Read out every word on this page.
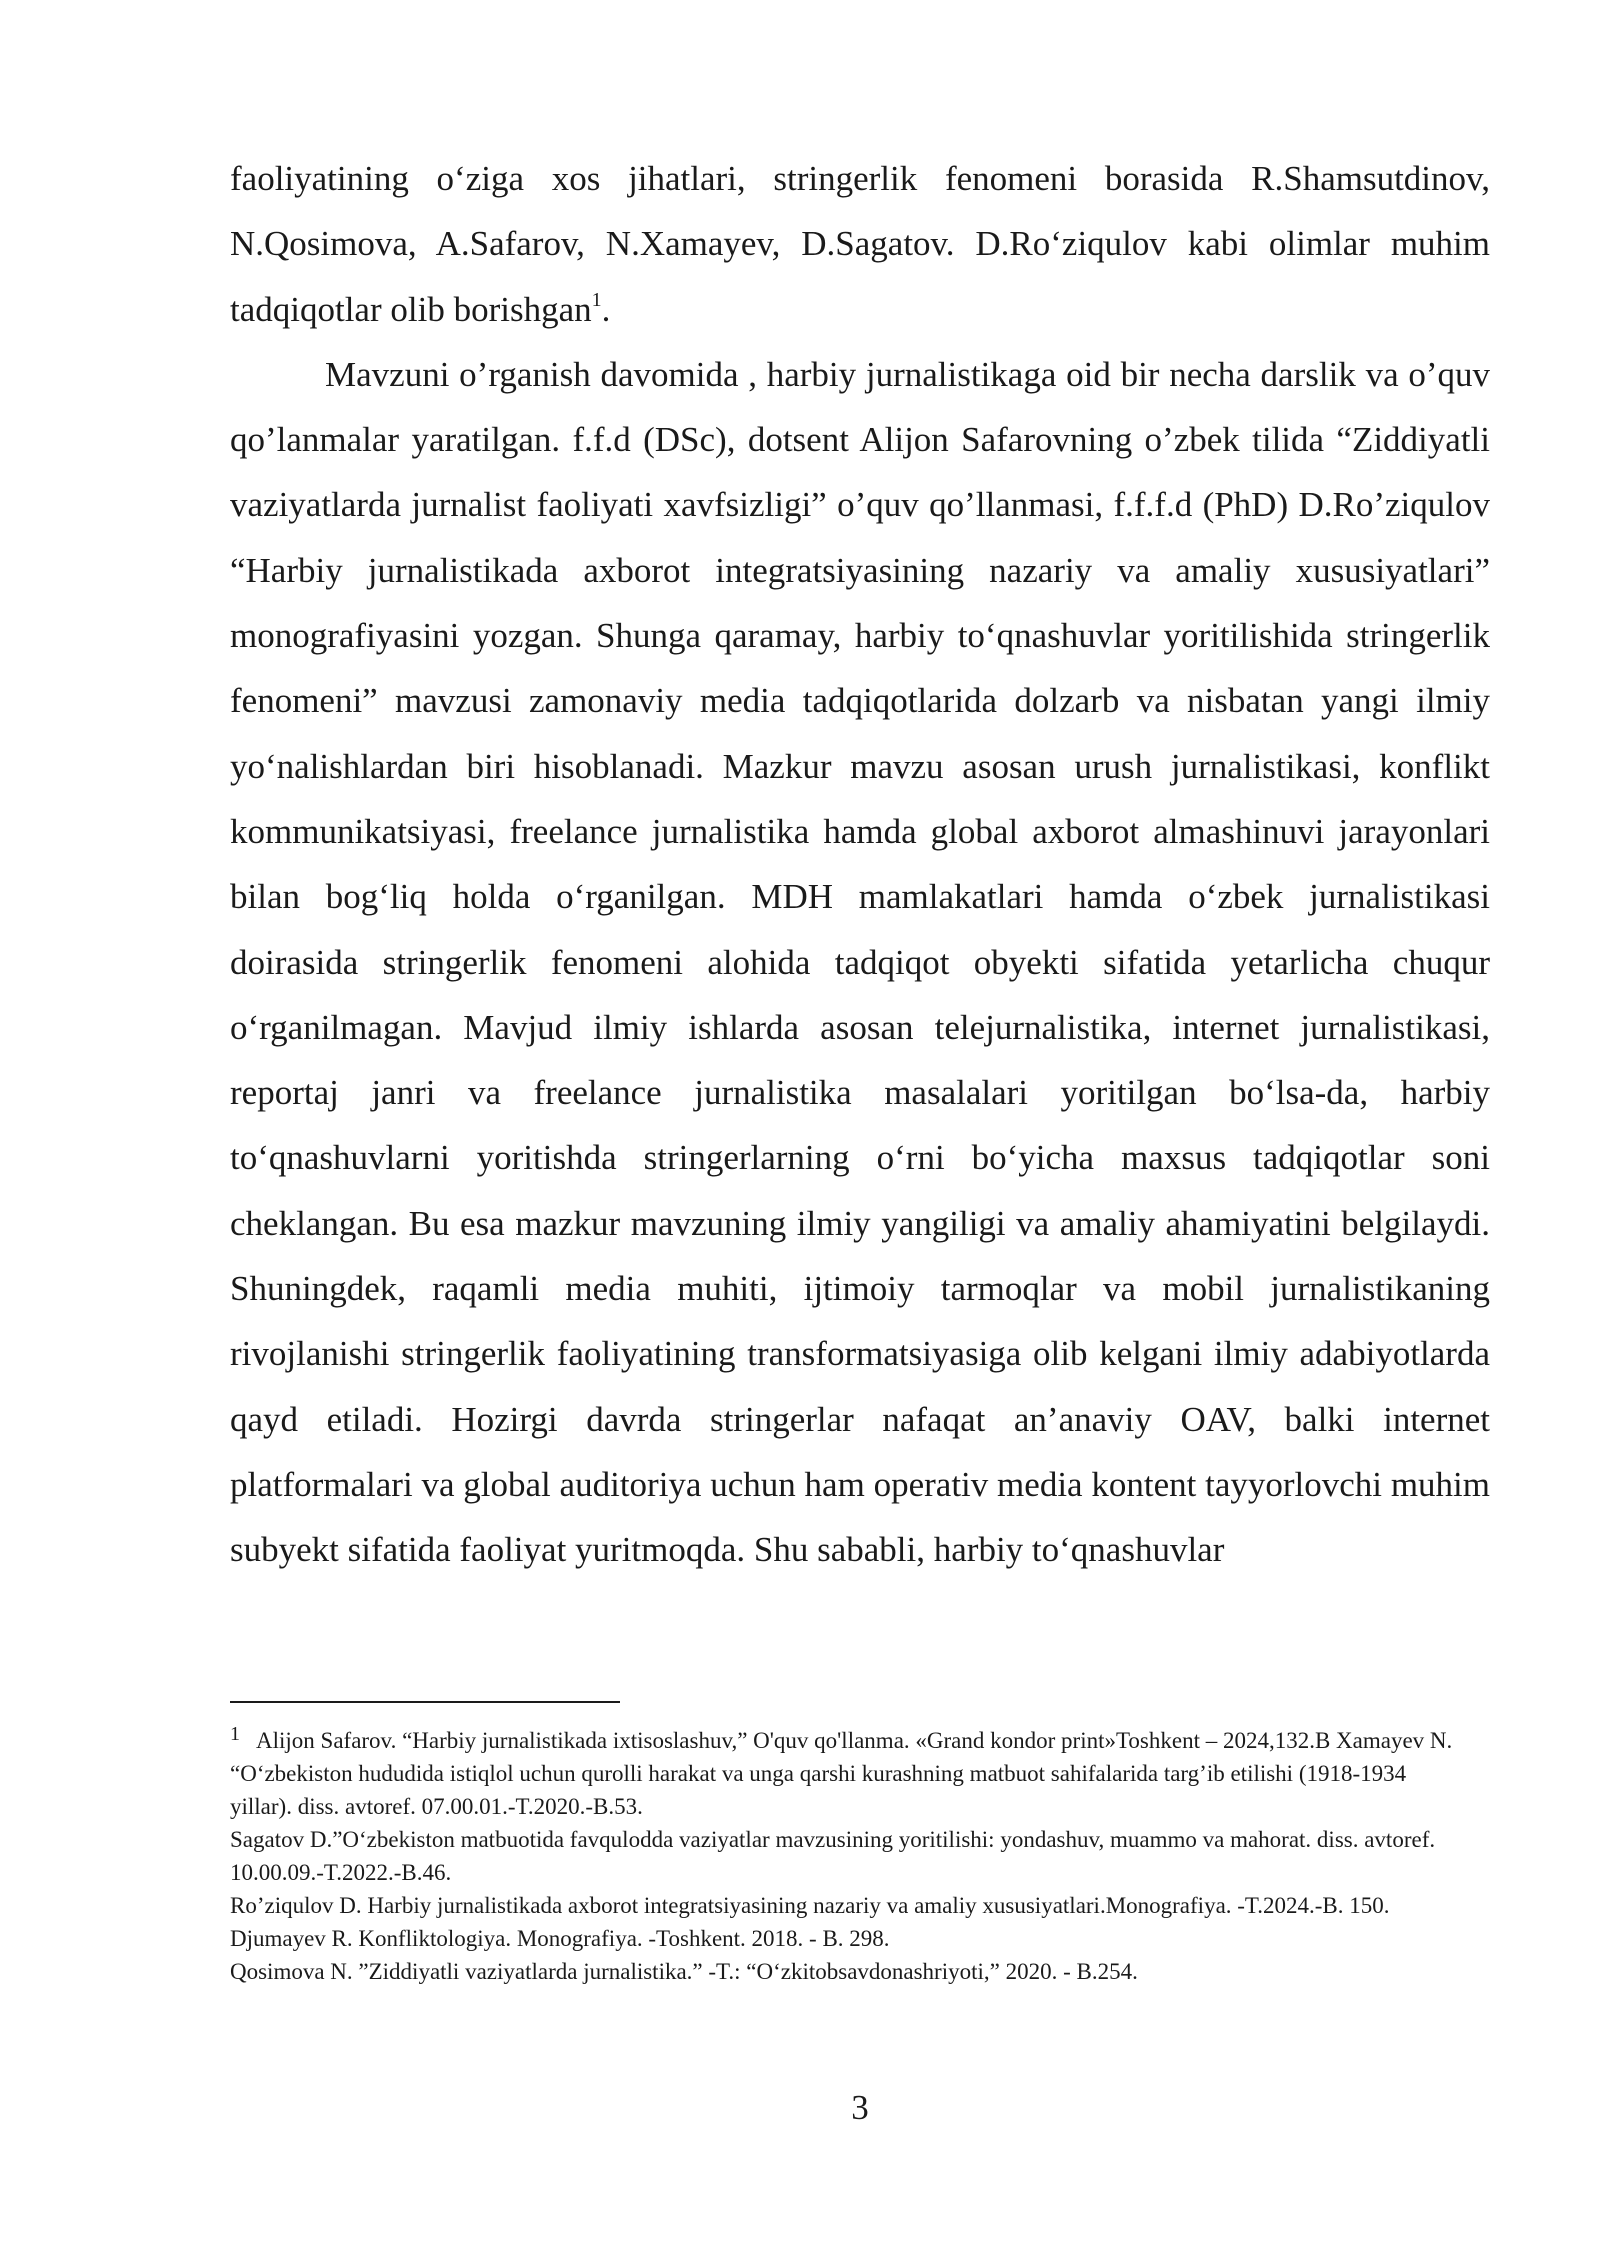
faoliyatining o‘ziga xos jihatlari, stringerlik fenomeni borasida R.Shamsutdinov, N.Qosimova, A.Safarov, N.Xamayev, D.Sagatov. D.Ro‘ziqulov kabi olimlar muhim tadqiqotlar olib borishgan$^1$.

Mavzuni o’rganish davomida , harbiy jurnalistikaga oid bir necha darslik va o’quv qo’lanmalar yaratilgan. f.f.d (DSc), dotsent Alijon Safarovning o’zbek tilida “Ziddiyatli vaziyatlarda jurnalist faoliyati xavfsizligi” o’quv qo’llanmasi, f.f.f.d (PhD) D.Ro’ziqulov “Harbiy jurnalistikada axborot integratsiyasining nazariy va amaliy xususiyatlari” monografiyasini yozgan. Shunga qaramay, harbiy to‘qnashuvlar yoritilishida stringerlik fenomeni” mavzusi zamonaviy media tadqiqotlarida dolzarb va nisbatan yangi ilmiy yo‘nalishlardan biri hisoblanadi. Mazkur mavzu asosan urush jurnalistikasi, konflikt kommunikatsiyasi, freelance jurnalistika hamda global axborot almashinuvi jarayonlari bilan bog‘liq holda o‘rganilgan. MDH mamlakatlari hamda o‘zbek jurnalistikasi doirasida stringerlik fenomeni alohida tadqiqot obyekti sifatida yetarlicha chuqur o‘rganilmagan. Mavjud ilmiy ishlarda asosan telejurnalistika, internet jurnalistikasi, reportaj janri va freelance jurnalistika masalalari yoritilgan bo‘lsa-da, harbiy to‘qnashuvlarni yoritishda stringerlarning o‘rni bo‘yicha maxsus tadqiqotlar soni cheklangan. Bu esa mazkur mavzuning ilmiy yangiligi va amaliy ahamiyatini belgilaydi. Shuningdek, raqamli media muhiti, ijtimoiy tarmoqlar va mobil jurnalistikaning rivojlanishi stringerlik faoliyatining transformatsiyasiga olib kelgani ilmiy adabiyotlarda qayd etiladi. Hozirgi davrda stringerlar nafaqat an’anaviy OAV, balki internet platformalari va global auditoriya uchun ham operativ media kontent tayyorlovchi muhim subyekt sifatida faoliyat yuritmoqda. Shu sababli, harbiy to‘qnashuvlar

1 Alijon Safarov. “Harbiy jurnalistikada ixtisoslashuv,” O'quv qo'llanma. «Grand kondor print»Toshkent – 2024,132.B Xamayev N. “O‘zbekiston hududida istiqlol uchun qurolli harakat va unga qarshi kurashning matbuot sahifalarida targ’ib etilishi (1918-1934 yillar). diss. avtoref. 07.00.01.-T.2020.-B.53.

Sagatov D.”O‘zbekiston matbuotida favqulodda vaziyatlar mavzusining yoritilishi: yondashuv, muammo va mahorat. diss. avtoref. 10.00.09.-T.2022.-B.46.

Ro’ziqulov D. Harbiy jurnalistikada axborot integratsiyasining nazariy va amaliy xususiyatlari.Monografiya. -T.2024.-B. 150.

Djumayev R. Konfliktologiya. Monografiya. -Toshkent. 2018. - B. 298.

Qosimova N. ”Ziddiyatli vaziyatlarda jurnalistika.” -T.: “O‘zkitobsavdonashriyoti,” 2020. - B.254.

3
